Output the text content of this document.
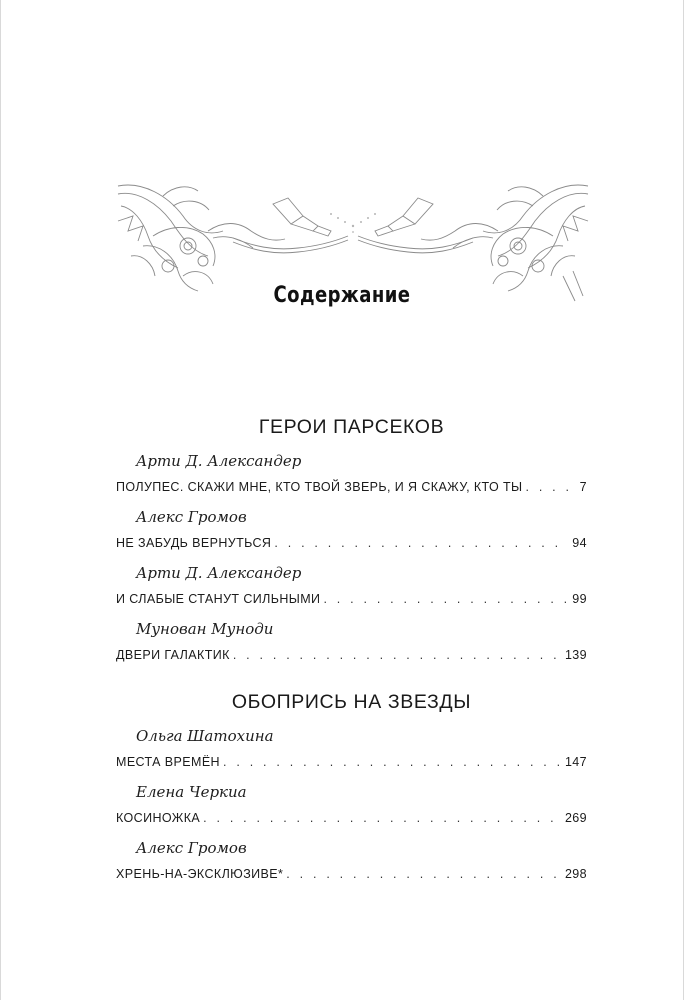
Содержание
ГЕРОИ ПАРСЕКОВ
Арти Д. Александер
ПОЛУПЕС. СКАЖИ МНЕ, КТО ТВОЙ ЗВЕРЬ, И Я СКАЖУ, КТО ТЫ . . .	7
Алекс Громов
НЕ ЗАБУДЬ ВЕРНУТЬСЯ . . .	94
Арти Д. Александер
И СЛАБЫЕ СТАНУТ СИЛЬНЫМИ . . .	99
Мунован Муноди
ДВЕРИ ГАЛАКТИК . . .	139
ОБОПРИСЬ НА ЗВЕЗДЫ
Ольга Шатохина
МЕСТА ВРЕМЁН . . .	147
Елена Черкиа
КОСИНОЖКА . . .	269
Алекс Громов
ХРЕНЬ-НА-ЭКСКЛЮЗИВЕ* . . .	298
